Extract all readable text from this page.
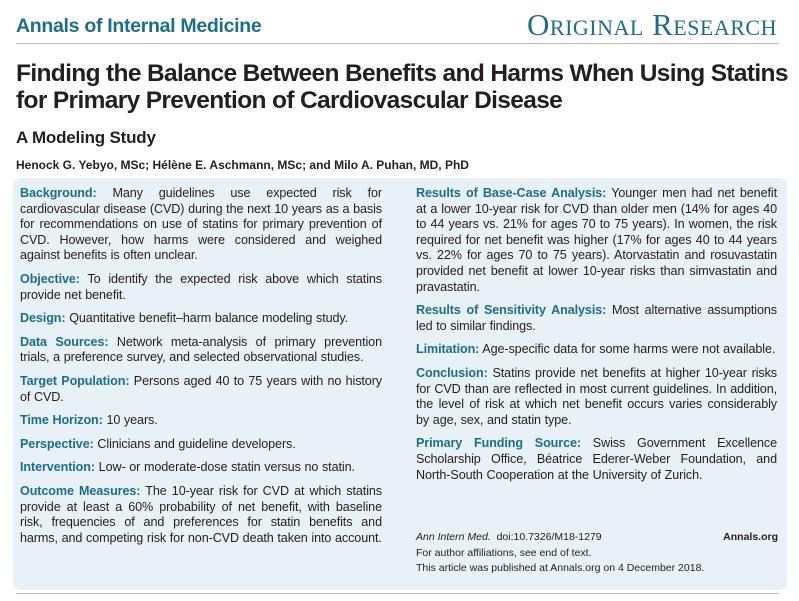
Annals of Internal Medicine	Original Research
Finding the Balance Between Benefits and Harms When Using Statins for Primary Prevention of Cardiovascular Disease
A Modeling Study

Henock G. Yebyo, MSc; Hélène E. Aschmann, MSc; and Milo A. Puhan, MD, PhD

Background: Many guidelines use expected risk for cardiovascular disease (CVD) during the next 10 years as a basis for recommendations on use of statins for primary prevention of CVD. However, how harms were considered and weighed against benefits is often unclear.

Objective: To identify the expected risk above which statins provide net benefit.

Design: Quantitative benefit–harm balance modeling study.

Data Sources: Network meta-analysis of primary prevention trials, a preference survey, and selected observational studies.

Target Population: Persons aged 40 to 75 years with no history of CVD.

Time Horizon: 10 years.

Perspective: Clinicians and guideline developers.

Intervention: Low- or moderate-dose statin versus no statin.

Outcome Measures: The 10-year risk for CVD at which statins provide at least a 60% probability of net benefit, with baseline risk, frequencies of and preferences for statin benefits and harms, and competing risk for non-CVD death taken into account.

Results of Base-Case Analysis: Younger men had net benefit at a lower 10-year risk for CVD than older men (14% for ages 40 to 44 years vs. 21% for ages 70 to 75 years). In women, the risk required for net benefit was higher (17% for ages 40 to 44 years vs. 22% for ages 70 to 75 years). Atorvastatin and rosuvastatin provided net benefit at lower 10-year risks than simvastatin and pravastatin.

Results of Sensitivity Analysis: Most alternative assumptions led to similar findings.

Limitation: Age-specific data for some harms were not available.

Conclusion: Statins provide net benefits at higher 10-year risks for CVD than are reflected in most current guidelines. In addition, the level of risk at which net benefit occurs varies considerably by age, sex, and statin type.

Primary Funding Source: Swiss Government Excellence Scholarship Office, Béatrice Ederer-Weber Foundation, and North-South Cooperation at the University of Zurich.

Ann Intern Med. doi:10.7326/M18-1279	Annals.org
For author affiliations, see end of text.
This article was published at Annals.org on 4 December 2018.
